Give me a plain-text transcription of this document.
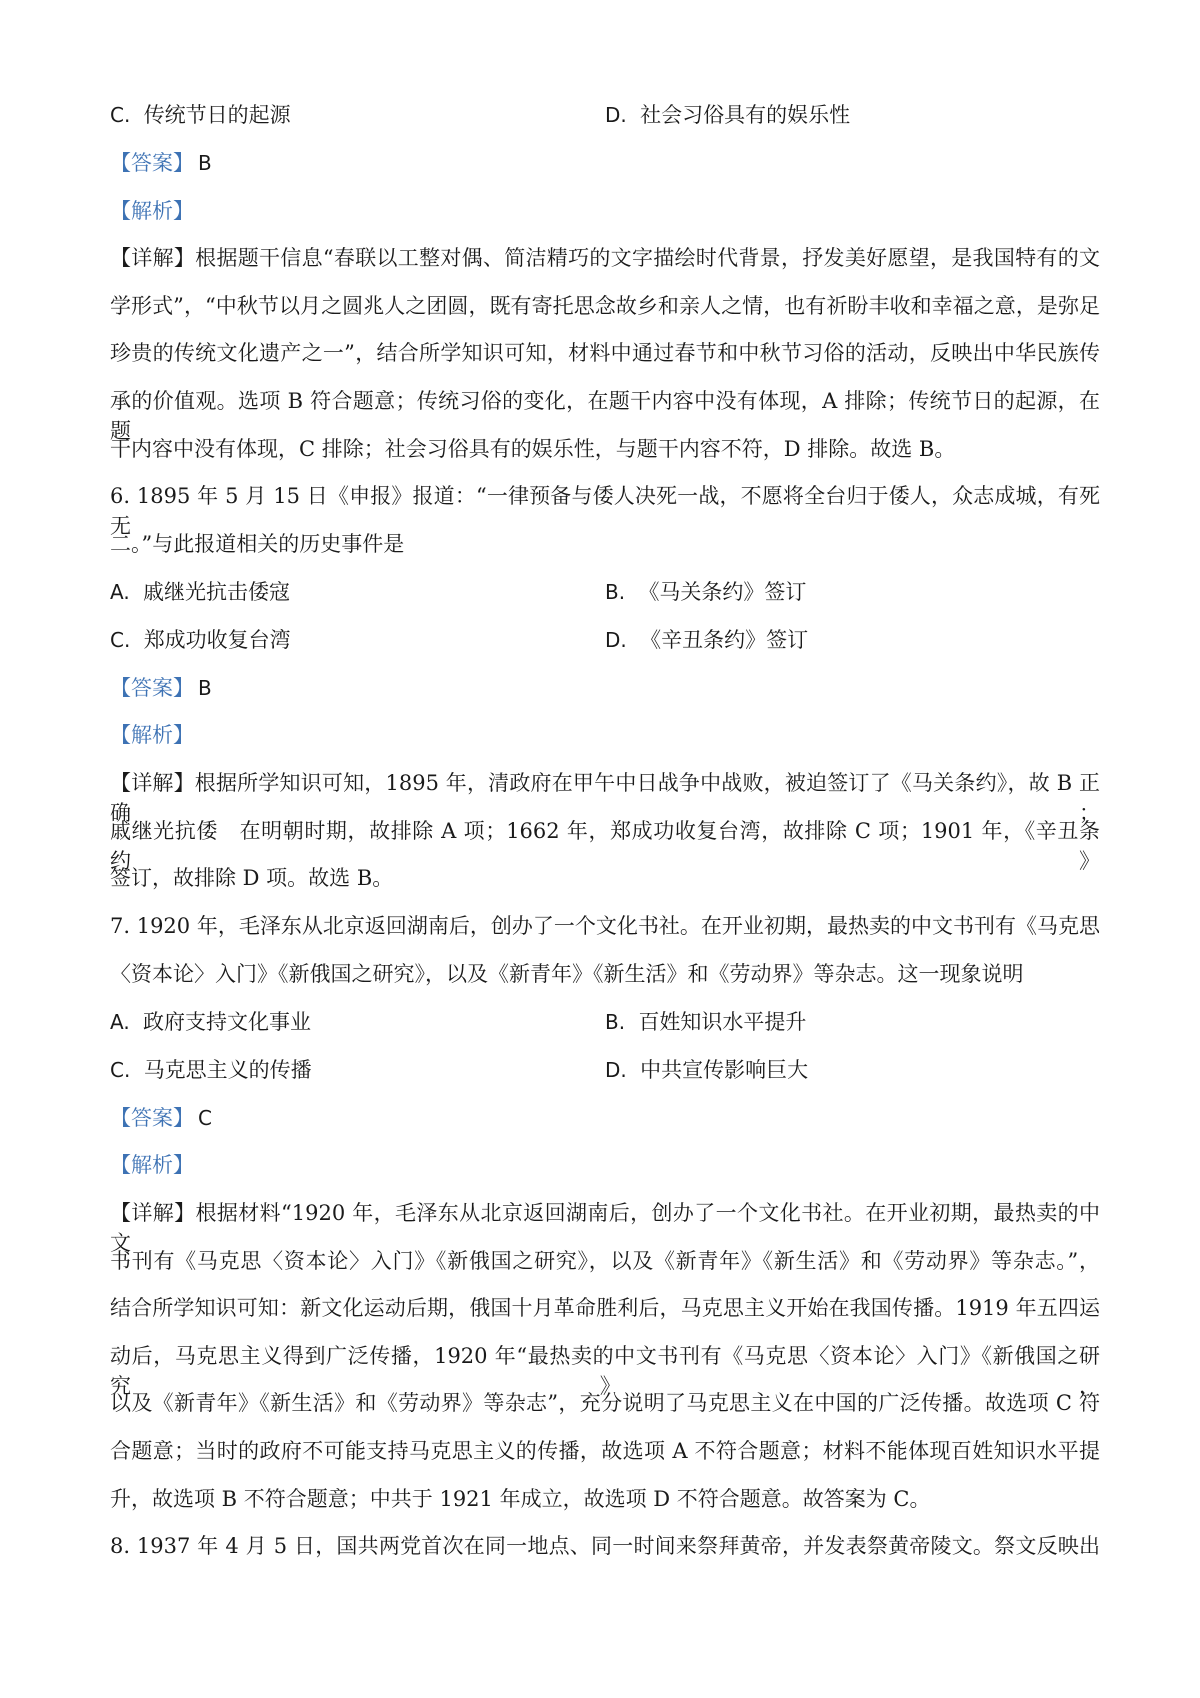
C. 传统节日的起源	D. 社会习俗具有的娱乐性
【答案】 B
【解析】
【详解】根据题干信息“春联以工整对偶、简洁精巧的文字描绘时代背景，抒发美好愿望，是我国特有的文
学形式”，“中秋节以月之圆兆人之团圆，既有寄托思念故乡和亲人之情，也有祈盼丰收和幸福之意，是弥足
珍贵的传统文化遗产之一”，结合所学知识可知，材料中通过春节和中秋节习俗的活动，反映出中华民族传
承的价值观。选项 B 符合题意；传统习俗的变化，在题干内容中没有体现，A 排除；传统节日的起源，在题
干内容中没有体现，C 排除；社会习俗具有的娱乐性，与题干内容不符，D 排除。故选 B。
6. 1895 年 5 月 15 日《申报》报道：“一律预备与倭人决死一战，不愿将全台归于倭人，众志成城，有死无
二。”与此报道相关的历史事件是
A. 戚继光抗击倭寇	B. 《马关条约》签订
C. 郑成功收复台湾	D. 《辛丑条约》签订
【答案】 B
【解析】
【详解】根据所学知识可知，1895 年，清政府在甲午中日战争中战败，被迫签订了《马关条约》，故 B 正确；
戚继光抗倭　在明朝时期，故排除 A 项；1662 年，郑成功收复台湾，故排除 C 项；1901 年，《辛丑条约》
签订，故排除 D 项。故选 B。
7. 1920 年，毛泽东从北京返回湖南后，创办了一个文化书社。在开业初期，最热卖的中文书刊有《马克思
〈资本论〉入门》《新俄国之研究》，以及《新青年》《新生活》和《劳动界》等杂志。这一现象说明
A. 政府支持文化事业	B. 百姓知识水平提升
C. 马克思主义的传播	D. 中共宣传影响巨大
【答案】 C
【解析】
【详解】根据材料“1920 年，毛泽东从北京返回湖南后，创办了一个文化书社。在开业初期，最热卖的中文
书刊有《马克思〈资本论〉入门》《新俄国之研究》，以及《新青年》《新生活》和《劳动界》等杂志。”，
结合所学知识可知：新文化运动后期，俄国十月革命胜利后，马克思主义开始在我国传播。1919 年五四运
动后，马克思主义得到广泛传播，1920 年“最热卖的中文书刊有《马克思〈资本论〉入门》《新俄国之研究》，
以及《新青年》《新生活》和《劳动界》等杂志”，充分说明了马克思主义在中国的广泛传播。故选项 C 符
合题意；当时的政府不可能支持马克思主义的传播，故选项 A 不符合题意；材料不能体现百姓知识水平提
升，故选项 B 不符合题意；中共于 1921 年成立，故选项 D 不符合题意。故答案为 C。
8. 1937 年 4 月 5 日，国共两党首次在同一地点、同一时间来祭拜黄帝，并发表祭黄帝陵文。祭文反映出
